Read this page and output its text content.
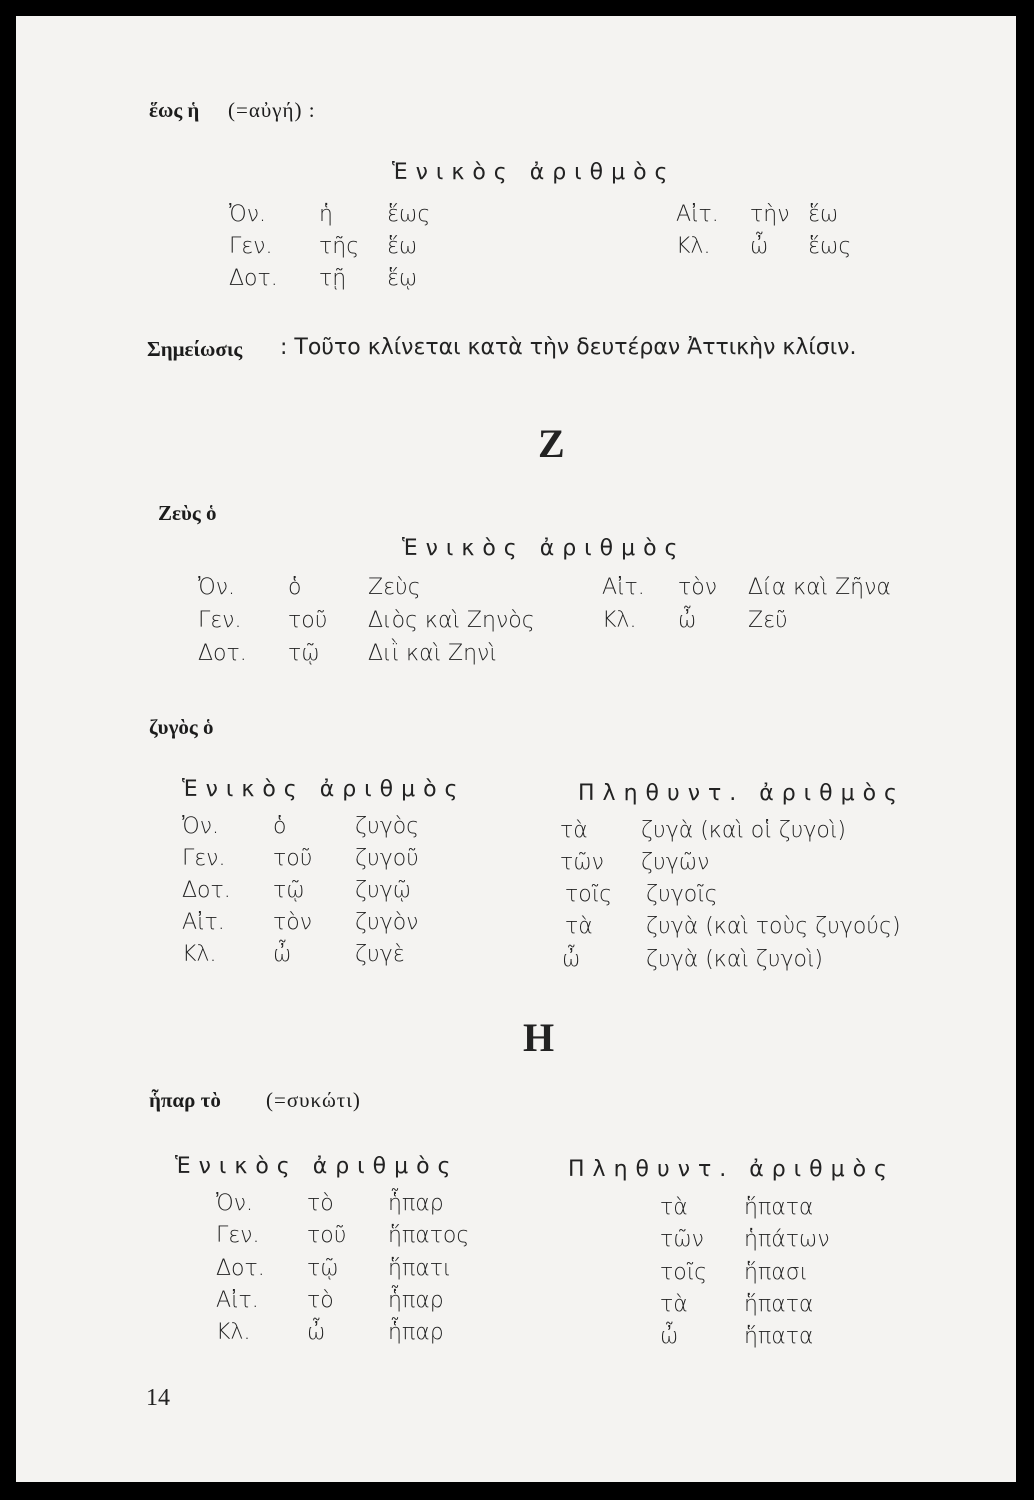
ἕως ἡ (=αὐγή) :
Ἑνικὸς ἀριθμὸς
Ὀν. ἡ ἕως
Γεν. τῆς ἕω
Δοτ. τῇ ἕῳ
Αἰτ. τὴν ἕω
Κλ. ὦ ἕως
Σημείωσις : Τοῦτο κλίνεται κατὰ τὴν δευτέραν Ἀττικὴν κλίσιν.
Ζ
Ζεὺς ὁ
Ἑνικὸς ἀριθμὸς
Ὀν. ὁ	Ζεὺς
Γεν. τοῦ Διὸς καὶ Ζηνὸς
Δοτ. τῷ Διῒ καὶ Ζηνὶ
Αἰτ. τὸν Δία καὶ Ζῆνα
Κλ. ὦ Ζεῦ
ζυγὸς ὁ
Ἑνικὸς ἀριθμὸς	Πληθυντ. ἀριθμὸς
Ὀν. ὁ	ζυγὸς	τὰ ζυγὰ (καὶ οἱ ζυγοὶ)
Γεν. τοῦ ζυγοῦ	τῶν ζυγῶν
Δοτ. τῷ ζυγῷ	τοῖς ζυγοῖς
Αἰτ. τὸν ζυγὸν	τὰ ζυγὰ (καὶ τοὺς ζυγούς)
Κλ.	ὦ	ζυγὲ	ὦ	ζυγὰ (καὶ ζυγοὶ)
Η
ἧπαρ τὸ (=συκώτι)
Ἑνικὸς ἀριθμὸς	Πληθυντ. ἀριθμὸς
Ὀν. τὸ ἧπαρ	τὰ	ἥπατα
Γεν. τοῦ ἥπατος	τῶν ἡπάτων
Δοτ. τῷ ἥπατι	τοῖς ἥπασι
Αἰτ. τὸ ἧπαρ	τὰ	ἥπατα
Κλ.	ὦ	ἧπαρ	ὦ	ἥπατα
14
